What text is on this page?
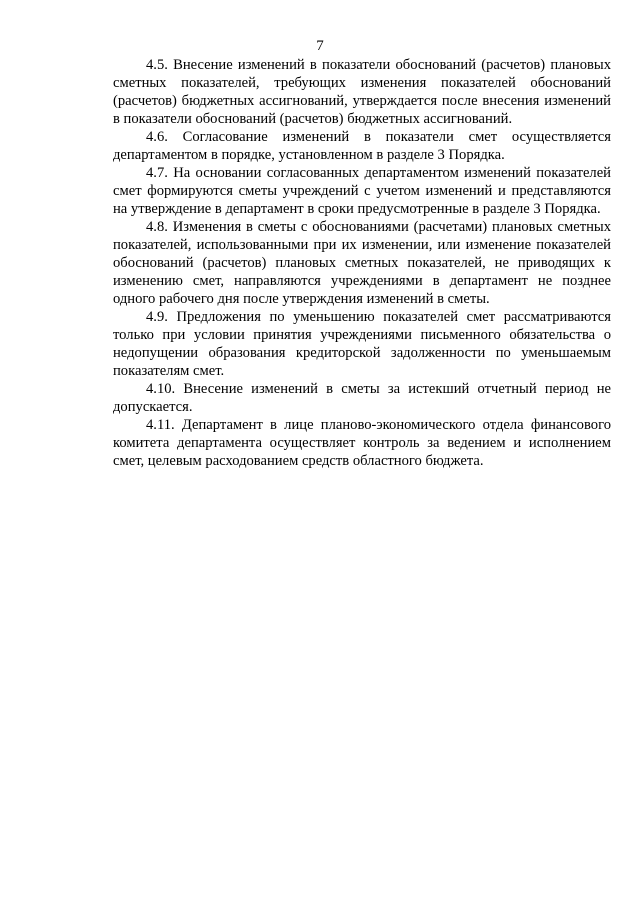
7

4.5. Внесение изменений в показатели обоснований (расчетов) плановых сметных показателей, требующих изменения показателей обоснований (расчетов) бюджетных ассигнований, утверждается после внесения изменений в показатели обоснований (расчетов) бюджетных ассигнований.

4.6. Согласование изменений в показатели смет осуществляется департаментом в порядке, установленном в разделе 3 Порядка.

4.7. На основании согласованных департаментом изменений показателей смет формируются сметы учреждений с учетом изменений и представляются на утверждение в департамент в сроки предусмотренные в разделе 3 Порядка.

4.8. Изменения в сметы с обоснованиями (расчетами) плановых сметных показателей, использованными при их изменении, или изменение показателей обоснований (расчетов) плановых сметных показателей, не приводящих к изменению смет, направляются учреждениями в департамент не позднее одного рабочего дня после утверждения изменений в сметы.

4.9. Предложения по уменьшению показателей смет рассматриваются только при условии принятия учреждениями письменного обязательства о недопущении образования кредиторской задолженности по уменьшаемым показателям смет.

4.10. Внесение изменений в сметы за истекший отчетный период не допускается.

4.11. Департамент в лице планово-экономического отдела финансового комитета департамента осуществляет контроль за ведением и исполнением смет, целевым расходованием средств областного бюджета.
